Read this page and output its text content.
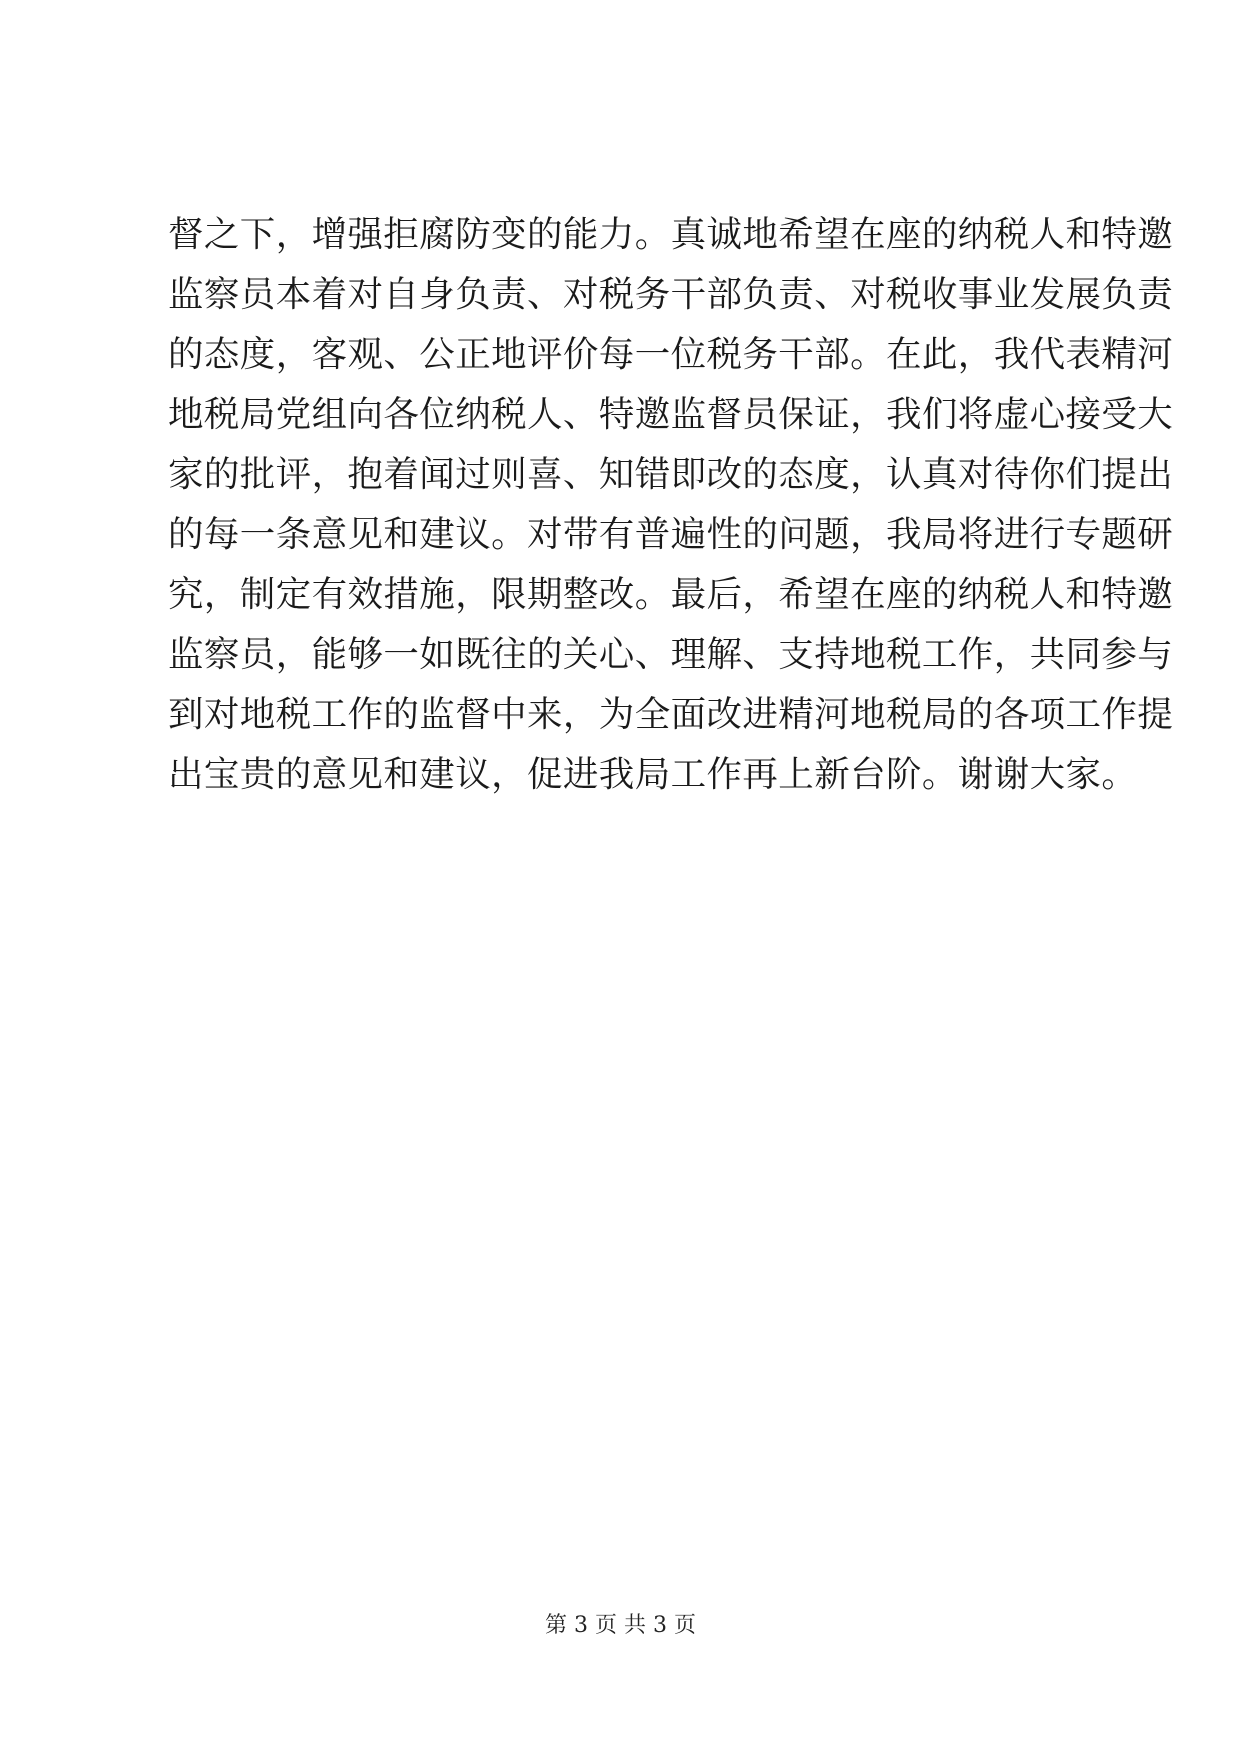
督之下，增强拒腐防变的能力。真诚地希望在座的纳税人和特邀
监察员本着对自身负责、对税务干部负责、对税收事业发展负责
的态度，客观、公正地评价每一位税务干部。在此，我代表精河
地税局党组向各位纳税人、特邀监督员保证，我们将虚心接受大
家的批评，抱着闻过则喜、知错即改的态度，认真对待你们提出
的每一条意见和建议。对带有普遍性的问题，我局将进行专题研
究，制定有效措施，限期整改。最后，希望在座的纳税人和特邀
监察员，能够一如既往的关心、理解、支持地税工作，共同参与
到对地税工作的监督中来，为全面改进精河地税局的各项工作提
出宝贵的意见和建议，促进我局工作再上新台阶。谢谢大家。

第 3 页 共 3 页
